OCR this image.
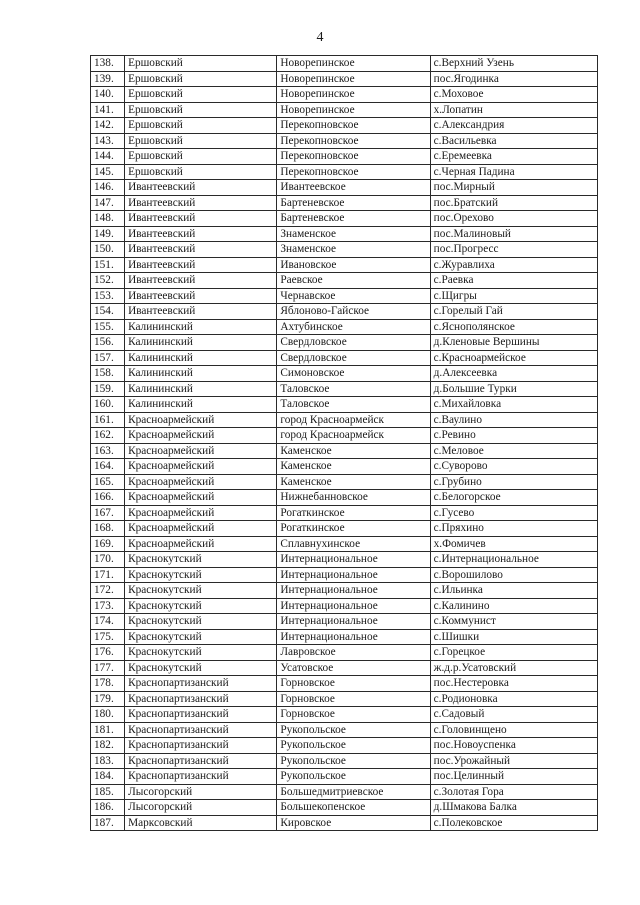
4
138.	Ершовский	Новорепинское	с.Верхний Узень
139.	Ершовский	Новорепинское	пос.Ягодинка
140.	Ершовский	Новорепинское	с.Моховое
141.	Ершовский	Новорепинское	х.Лопатин
142.	Ершовский	Перекопновское	с.Александрия
143.	Ершовский	Перекопновское	с.Васильевка
144.	Ершовский	Перекопновское	с.Еремеевка
145.	Ершовский	Перекопновское	с.Черная Падина
146.	Ивантеевский	Ивантеевское	пос.Мирный
147.	Ивантеевский	Бартеневское	пос.Братский
148.	Ивантеевский	Бартеневское	пос.Орехово
149.	Ивантеевский	Знаменское	пос.Малиновый
150.	Ивантеевский	Знаменское	пос.Прогресс
151.	Ивантеевский	Ивановское	с.Журавлиха
152.	Ивантеевский	Раевское	с.Раевка
153.	Ивантеевский	Чернавское	с.Щигры
154.	Ивантеевский	Яблоново-Гайское	с.Горелый Гай
155.	Калининский	Ахтубинское	с.Яснополянское
156.	Калининский	Свердловское	д.Кленовые Вершины
157.	Калининский	Свердловское	с.Красноармейское
158.	Калининский	Симоновское	д.Алексеевка
159.	Калининский	Таловское	д.Большие Турки
160.	Калининский	Таловское	с.Михайловка
161.	Красноармейский	город Красноармейск	с.Ваулино
162.	Красноармейский	город Красноармейск	с.Ревино
163.	Красноармейский	Каменское	с.Меловое
164.	Красноармейский	Каменское	с.Суворово
165.	Красноармейский	Каменское	с.Грубино
166.	Красноармейский	Нижнебанновское	с.Белогорское
167.	Красноармейский	Рогаткинское	с.Гусево
168.	Красноармейский	Рогаткинское	с.Пряхино
169.	Красноармейский	Сплавнухинское	х.Фомичев
170.	Краснокутский	Интернациональное	с.Интернациональное
171.	Краснокутский	Интернациональное	с.Ворошилово
172.	Краснокутский	Интернациональное	с.Ильинка
173.	Краснокутский	Интернациональное	с.Калинино
174.	Краснокутский	Интернациональное	с.Коммунист
175.	Краснокутский	Интернациональное	с.Шишки
176.	Краснокутский	Лавровское	с.Горецкое
177.	Краснокутский	Усатовское	ж.д.р.Усатовский
178.	Краснопартизанский	Горновское	пос.Нестеровка
179.	Краснопартизанский	Горновское	с.Родионовка
180.	Краснопартизанский	Горновское	с.Садовый
181.	Краснопартизанский	Рукопольское	с.Головинщено
182.	Краснопартизанский	Рукопольское	пос.Новоуспенка
183.	Краснопартизанский	Рукопольское	пос.Урожайный
184.	Краснопартизанский	Рукопольское	пос.Целинный
185.	Лысогорский	Большедмитриевское	с.Золотая Гора
186.	Лысогорский	Большекопенское	д.Шмакова Балка
187.	Марксовский	Кировское	с.Полековское
